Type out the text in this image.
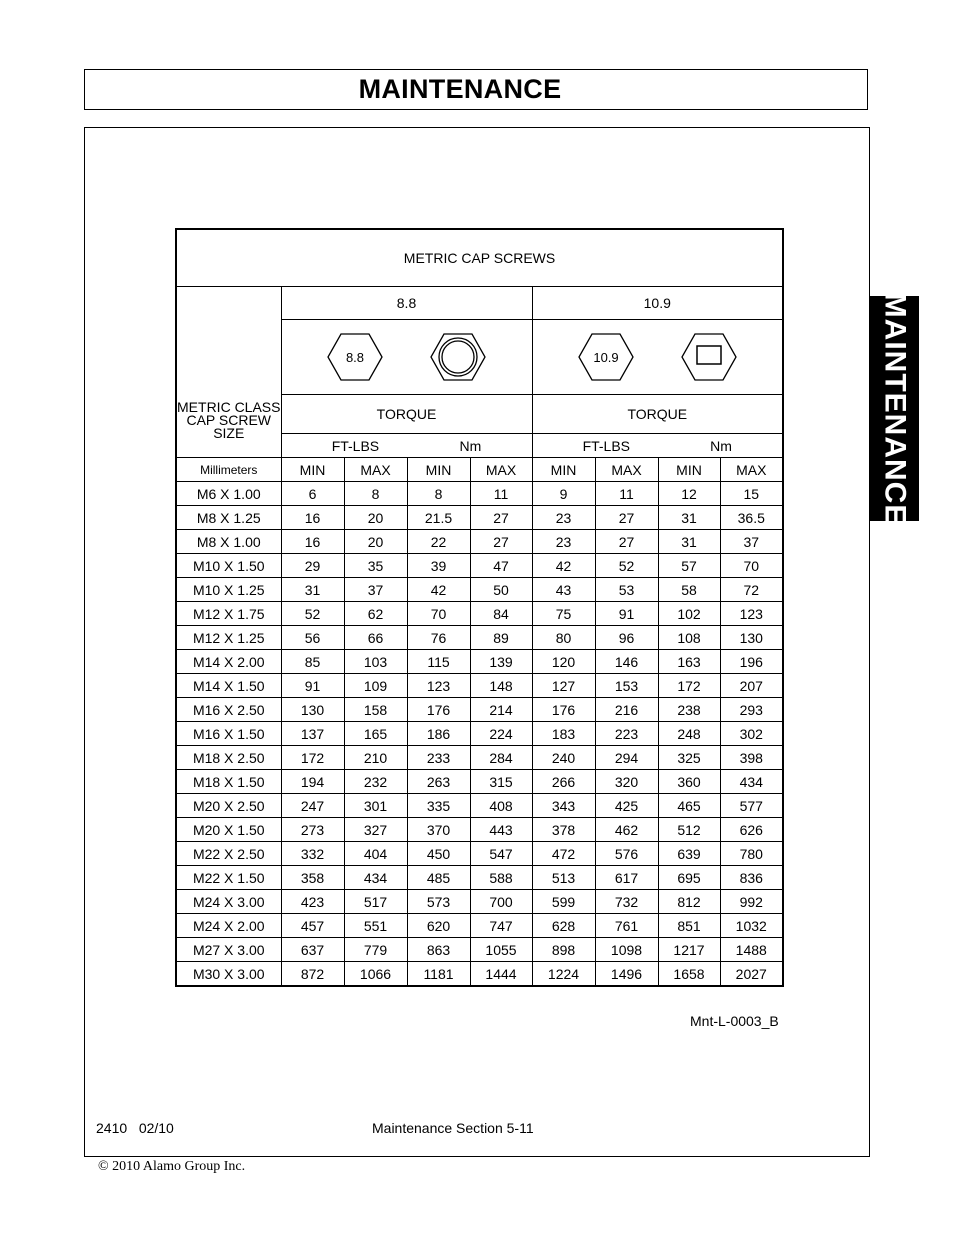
MAINTENANCE
MAINTENANCE
METRIC CAP SCREWS								

METRIC CLASS
CAP SCREW
SIZE	8.8				10.9			

8.8				10.9			

	TORQUE				TORQUE			

	FT-LBS Nm				FT-LBS Nm			

Millimeters	MIN	MAX	MIN	MAX	MIN	MAX	MIN	MAX
M6 X 1.00	6	8	8	11	9	11	12	15
M8 X 1.25	16	20	21.5	27	23	27	31	36.5
M8 X 1.00	16	20	22	27	23	27	31	37
M10 X 1.50	29	35	39	47	42	52	57	70
M10 X 1.25	31	37	42	50	43	53	58	72
M12 X 1.75	52	62	70	84	75	91	102	123
M12 X 1.25	56	66	76	89	80	96	108	130
M14 X 2.00	85	103	115	139	120	146	163	196
M14 X 1.50	91	109	123	148	127	153	172	207
M16 X 2.50	130	158	176	214	176	216	238	293
M16 X 1.50	137	165	186	224	183	223	248	302
M18 X 2.50	172	210	233	284	240	294	325	398
M18 X 1.50	194	232	263	315	266	320	360	434
M20 X 2.50	247	301	335	408	343	425	465	577
M20 X 1.50	273	327	370	443	378	462	512	626
M22 X 2.50	332	404	450	547	472	576	639	780
M22 X 1.50	358	434	485	588	513	617	695	836
M24 X 3.00	423	517	573	700	599	732	812	992
M24 X 2.00	457	551	620	747	628	761	851	1032
M27 X 3.00	637	779	863	1055	898	1098	1217	1488
M30 X 3.00	872	1066	1181	1444	1224	1496	1658	2027
Mnt-L-0003_B
2410   02/10	Maintenance Section 5-11
© 2010 Alamo Group Inc.
